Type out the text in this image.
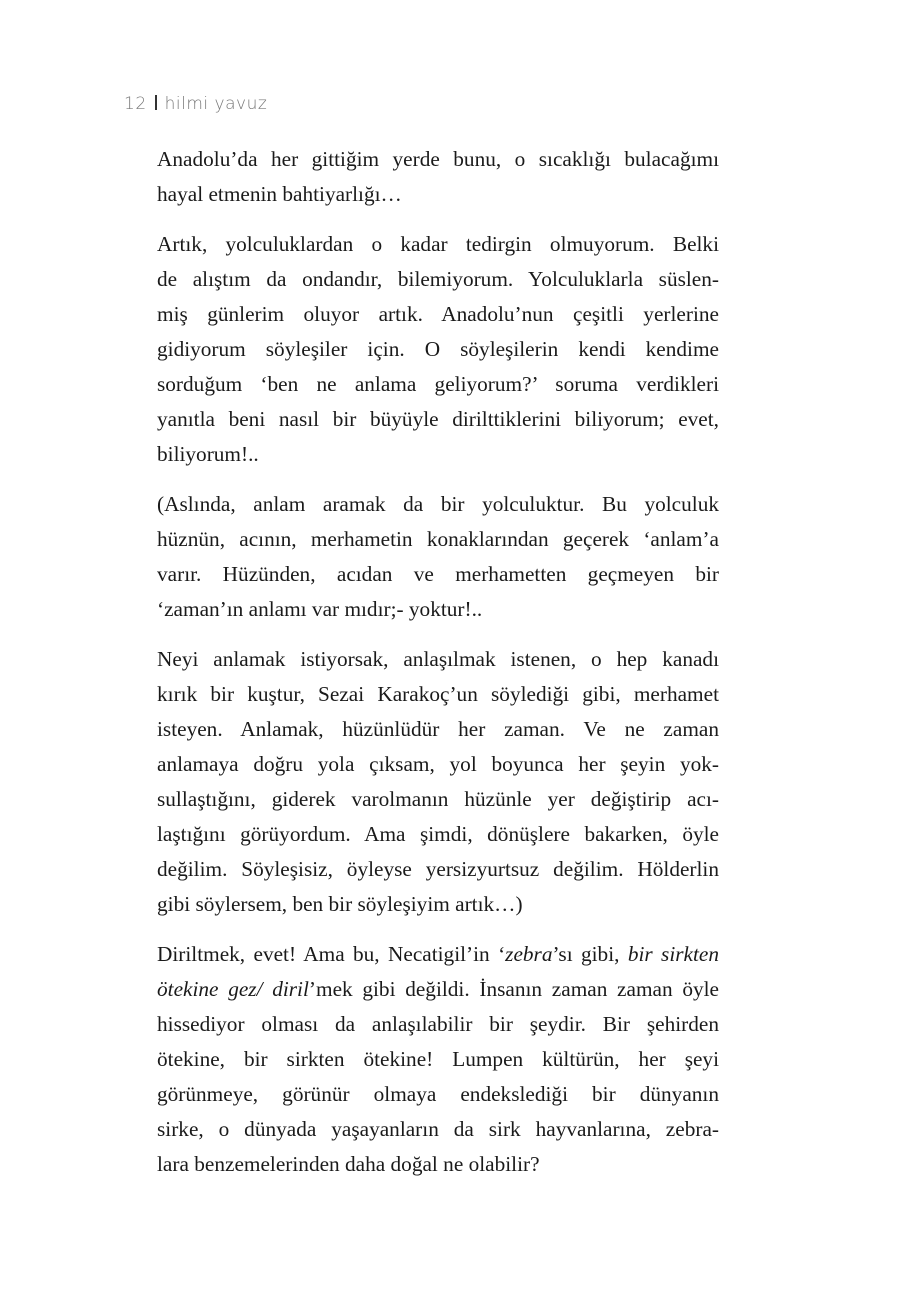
12 hilmi yavuz

Anadolu’da her gittiğim yerde bunu, o sıcaklığı bulacağımı
hayal etmenin bahtiyarlığı…

Artık, yolculuklardan o kadar tedirgin olmuyorum. Belki
de alıştım da ondandır, bilemiyorum. Yolculuklarla süslen-
miş günlerim oluyor artık. Anadolu’nun çeşitli yerlerine
gidiyorum söyleşiler için. O söyleşilerin kendi kendime
sorduğum ‘ben ne anlama geliyorum?’ soruma verdikleri
yanıtla beni nasıl bir büyüyle dirilttiklerini biliyorum; evet,
biliyorum!..

(Aslında, anlam aramak da bir yolculuktur. Bu yolculuk
hüznün, acının, merhametin konaklarından geçerek ‘anlam’a
varır. Hüzünden, acıdan ve merhametten geçmeyen bir
‘zaman’ın anlamı var mıdır;- yoktur!..

Neyi anlamak istiyorsak, anlaşılmak istenen, o hep kanadı
kırık bir kuştur, Sezai Karakoç’un söylediği gibi, merhamet
isteyen. Anlamak, hüzünlüdür her zaman. Ve ne zaman
anlamaya doğru yola çıksam, yol boyunca her şeyin yok-
sullaştığını, giderek varolmanın hüzünle yer değiştirip acı-
laştığını görüyordum. Ama şimdi, dönüşlere bakarken, öyle
değilim. Söyleşisiz, öyleyse yersizyurtsuz değilim. Hölderlin
gibi söylersem, ben bir söyleşiyim artık…)

Diriltmek, evet! Ama bu, Necatigil’in ‘zebra’sı gibi, bir sirkten
ötekine gez/ diril’mek gibi değildi. İnsanın zaman zaman öyle
hissediyor olması da anlaşılabilir bir şeydir. Bir şehirden
ötekine, bir sirkten ötekine! Lumpen kültürün, her şeyi
görünmeye, görünür olmaya endekslediği bir dünyanın
sirke, o dünyada yaşayanların da sirk hayvanlarına, zebra-
lara benzemelerinden daha doğal ne olabilir?
